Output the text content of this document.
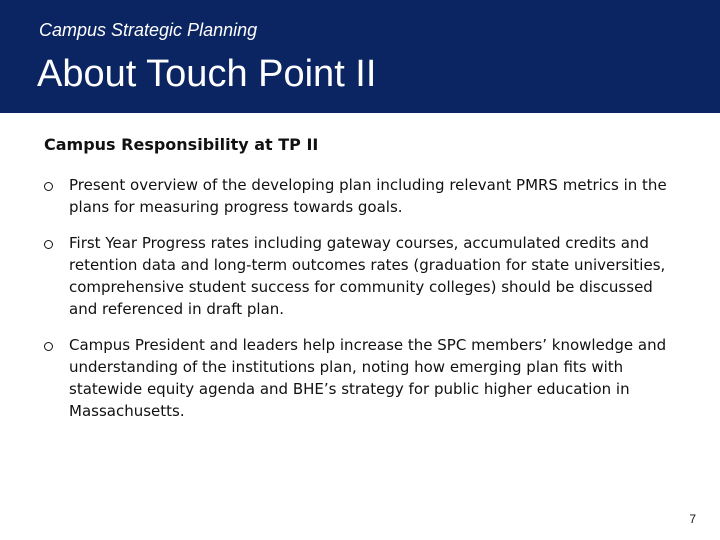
Campus Strategic Planning
About Touch Point II
Campus Responsibility at TP II
Present overview of the developing plan including relevant PMRS metrics in the plans for measuring progress towards goals.
First Year Progress rates including gateway courses, accumulated credits and retention data and long-term outcomes rates (graduation for state universities, comprehensive student success for community colleges) should be discussed and referenced in draft plan.
Campus President and leaders help increase the SPC members’ knowledge and understanding of the institutions plan, noting how emerging plan fits with statewide equity agenda and BHE’s strategy for public higher education in Massachusetts.
7
